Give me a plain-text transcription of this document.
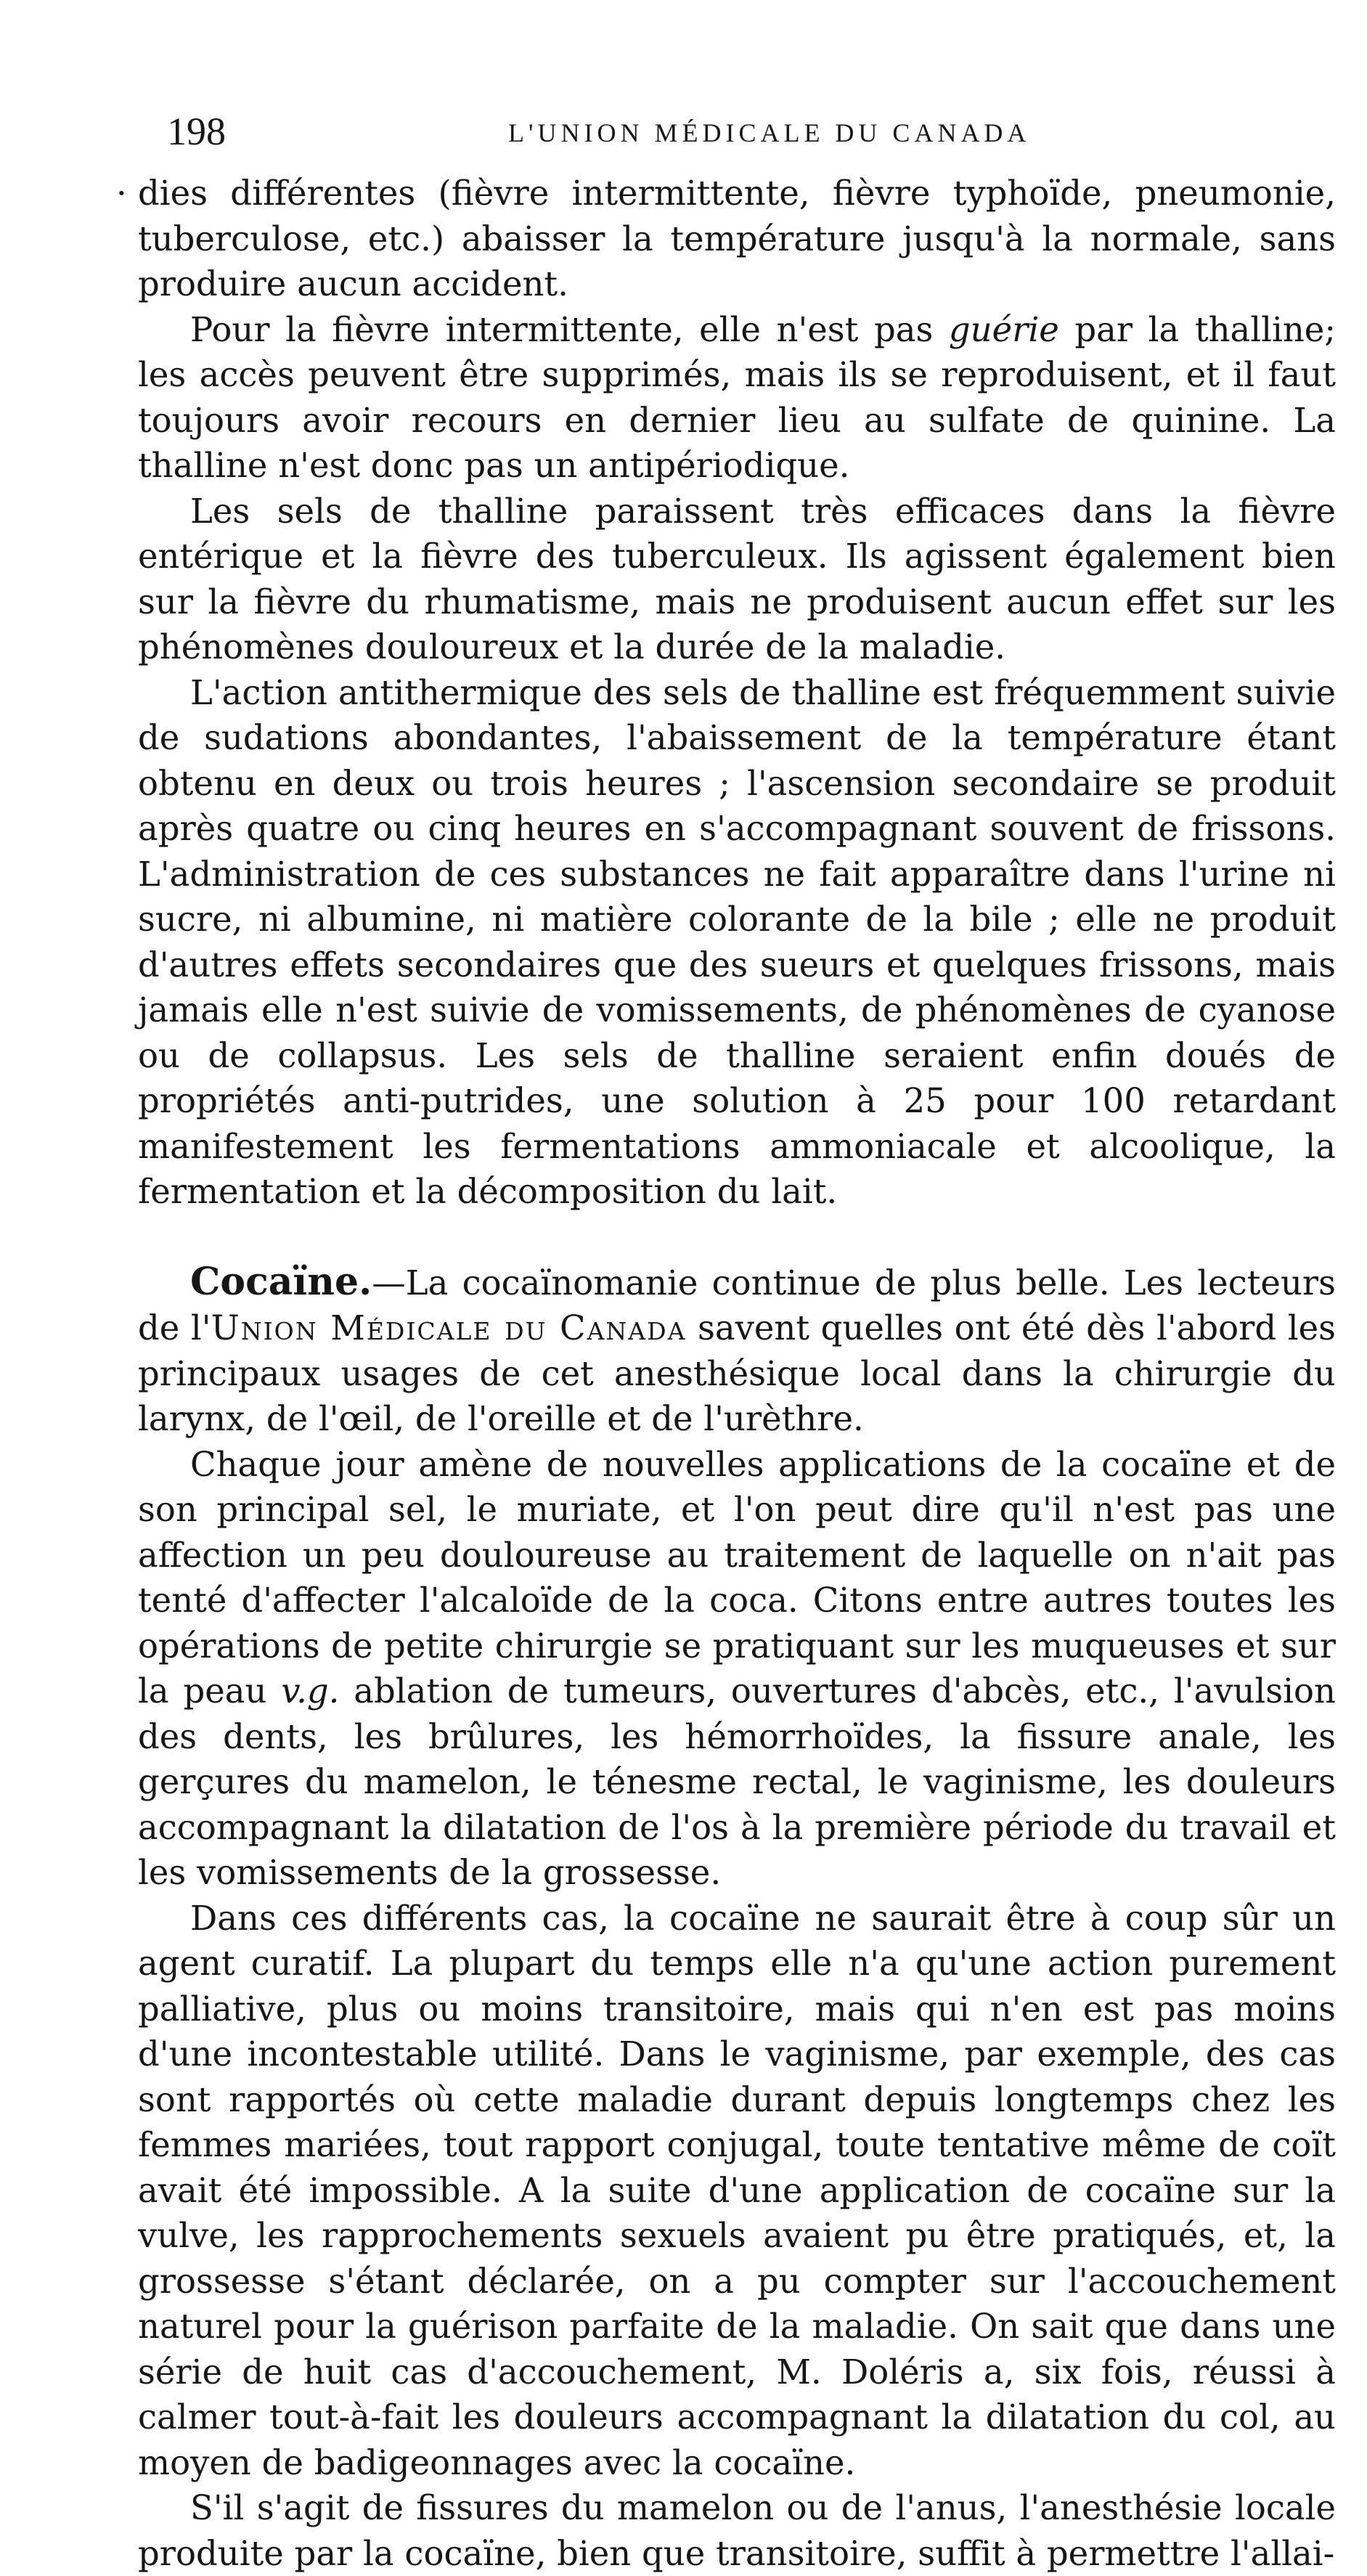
198	L'UNION MÉDICALE DU CANADA
· dies différentes (fièvre intermittente, fièvre typhoïde, pneumonie, tuberculose, etc.) abaisser la température jusqu'à la normale, sans produire aucun accident.

Pour la fièvre intermittente, elle n'est pas guérie par la thalline; les accès peuvent être supprimés, mais ils se reproduisent, et il faut toujours avoir recours en dernier lieu au sulfate de quinine. La thalline n'est donc pas un antipériodique.

Les sels de thalline paraissent très efficaces dans la fièvre entérique et la fièvre des tuberculeux. Ils agissent également bien sur la fièvre du rhumatisme, mais ne produisent aucun effet sur les phénomènes douloureux et la durée de la maladie.

L'action antithermique des sels de thalline est fréquemment suivie de sudations abondantes, l'abaissement de la température étant obtenu en deux ou trois heures ; l'ascension secondaire se produit après quatre ou cinq heures en s'accompagnant souvent de frissons. L'administration de ces substances ne fait apparaître dans l'urine ni sucre, ni albumine, ni matière colorante de la bile ; elle ne produit d'autres effets secondaires que des sueurs et quelques frissons, mais jamais elle n'est suivie de vomissements, de phénomènes de cyanose ou de collapsus. Les sels de thalline seraient enfin doués de propriétés anti-putrides, une solution à 25 pour 100 retardant manifestement les fermentations ammoniacale et alcoolique, la fermentation et la décomposition du lait.

Cocaïne.—La cocaïnomanie continue de plus belle. Les lecteurs de l'Union Médicale du Canada savent quelles ont été dès l'abord les principaux usages de cet anesthésique local dans la chirurgie du larynx, de l'œil, de l'oreille et de l'urèthre.

Chaque jour amène de nouvelles applications de la cocaïne et de son principal sel, le muriate, et l'on peut dire qu'il n'est pas une affection un peu douloureuse au traitement de laquelle on n'ait pas tenté d'affecter l'alcaloïde de la coca. Citons entre autres toutes les opérations de petite chirurgie se pratiquant sur les muqueuses et sur la peau v.g. ablation de tumeurs, ouvertures d'abcès, etc., l'avulsion des dents, les brûlures, les hémorrhoïdes, la fissure anale, les gerçures du mamelon, le ténesme rectal, le vaginisme, les douleurs accompagnant la dilatation de l'os à la première période du travail et les vomissements de la grossesse.

Dans ces différents cas, la cocaïne ne saurait être à coup sûr un agent curatif. La plupart du temps elle n'a qu'une action purement palliative, plus ou moins transitoire, mais qui n'en est pas moins d'une incontestable utilité. Dans le vaginisme, par exemple, des cas sont rapportés où cette maladie durant depuis longtemps chez les femmes mariées, tout rapport conjugal, toute tentative même de coït avait été impossible. A la suite d'une application de cocaïne sur la vulve, les rapprochements sexuels avaient pu être pratiqués, et, la grossesse s'étant déclarée, on a pu compter sur l'accouchement naturel pour la guérison parfaite de la maladie. On sait que dans une série de huit cas d'accouchement, M. Doléris a, six fois, réussi à calmer tout-à-fait les douleurs accompagnant la dilatation du col, au moyen de badigeonnages avec la cocaïne.

S'il s'agit de fissures du mamelon ou de l'anus, l'anesthésie locale produite par la cocaïne, bien que transitoire, suffit à permettre l'allai-
